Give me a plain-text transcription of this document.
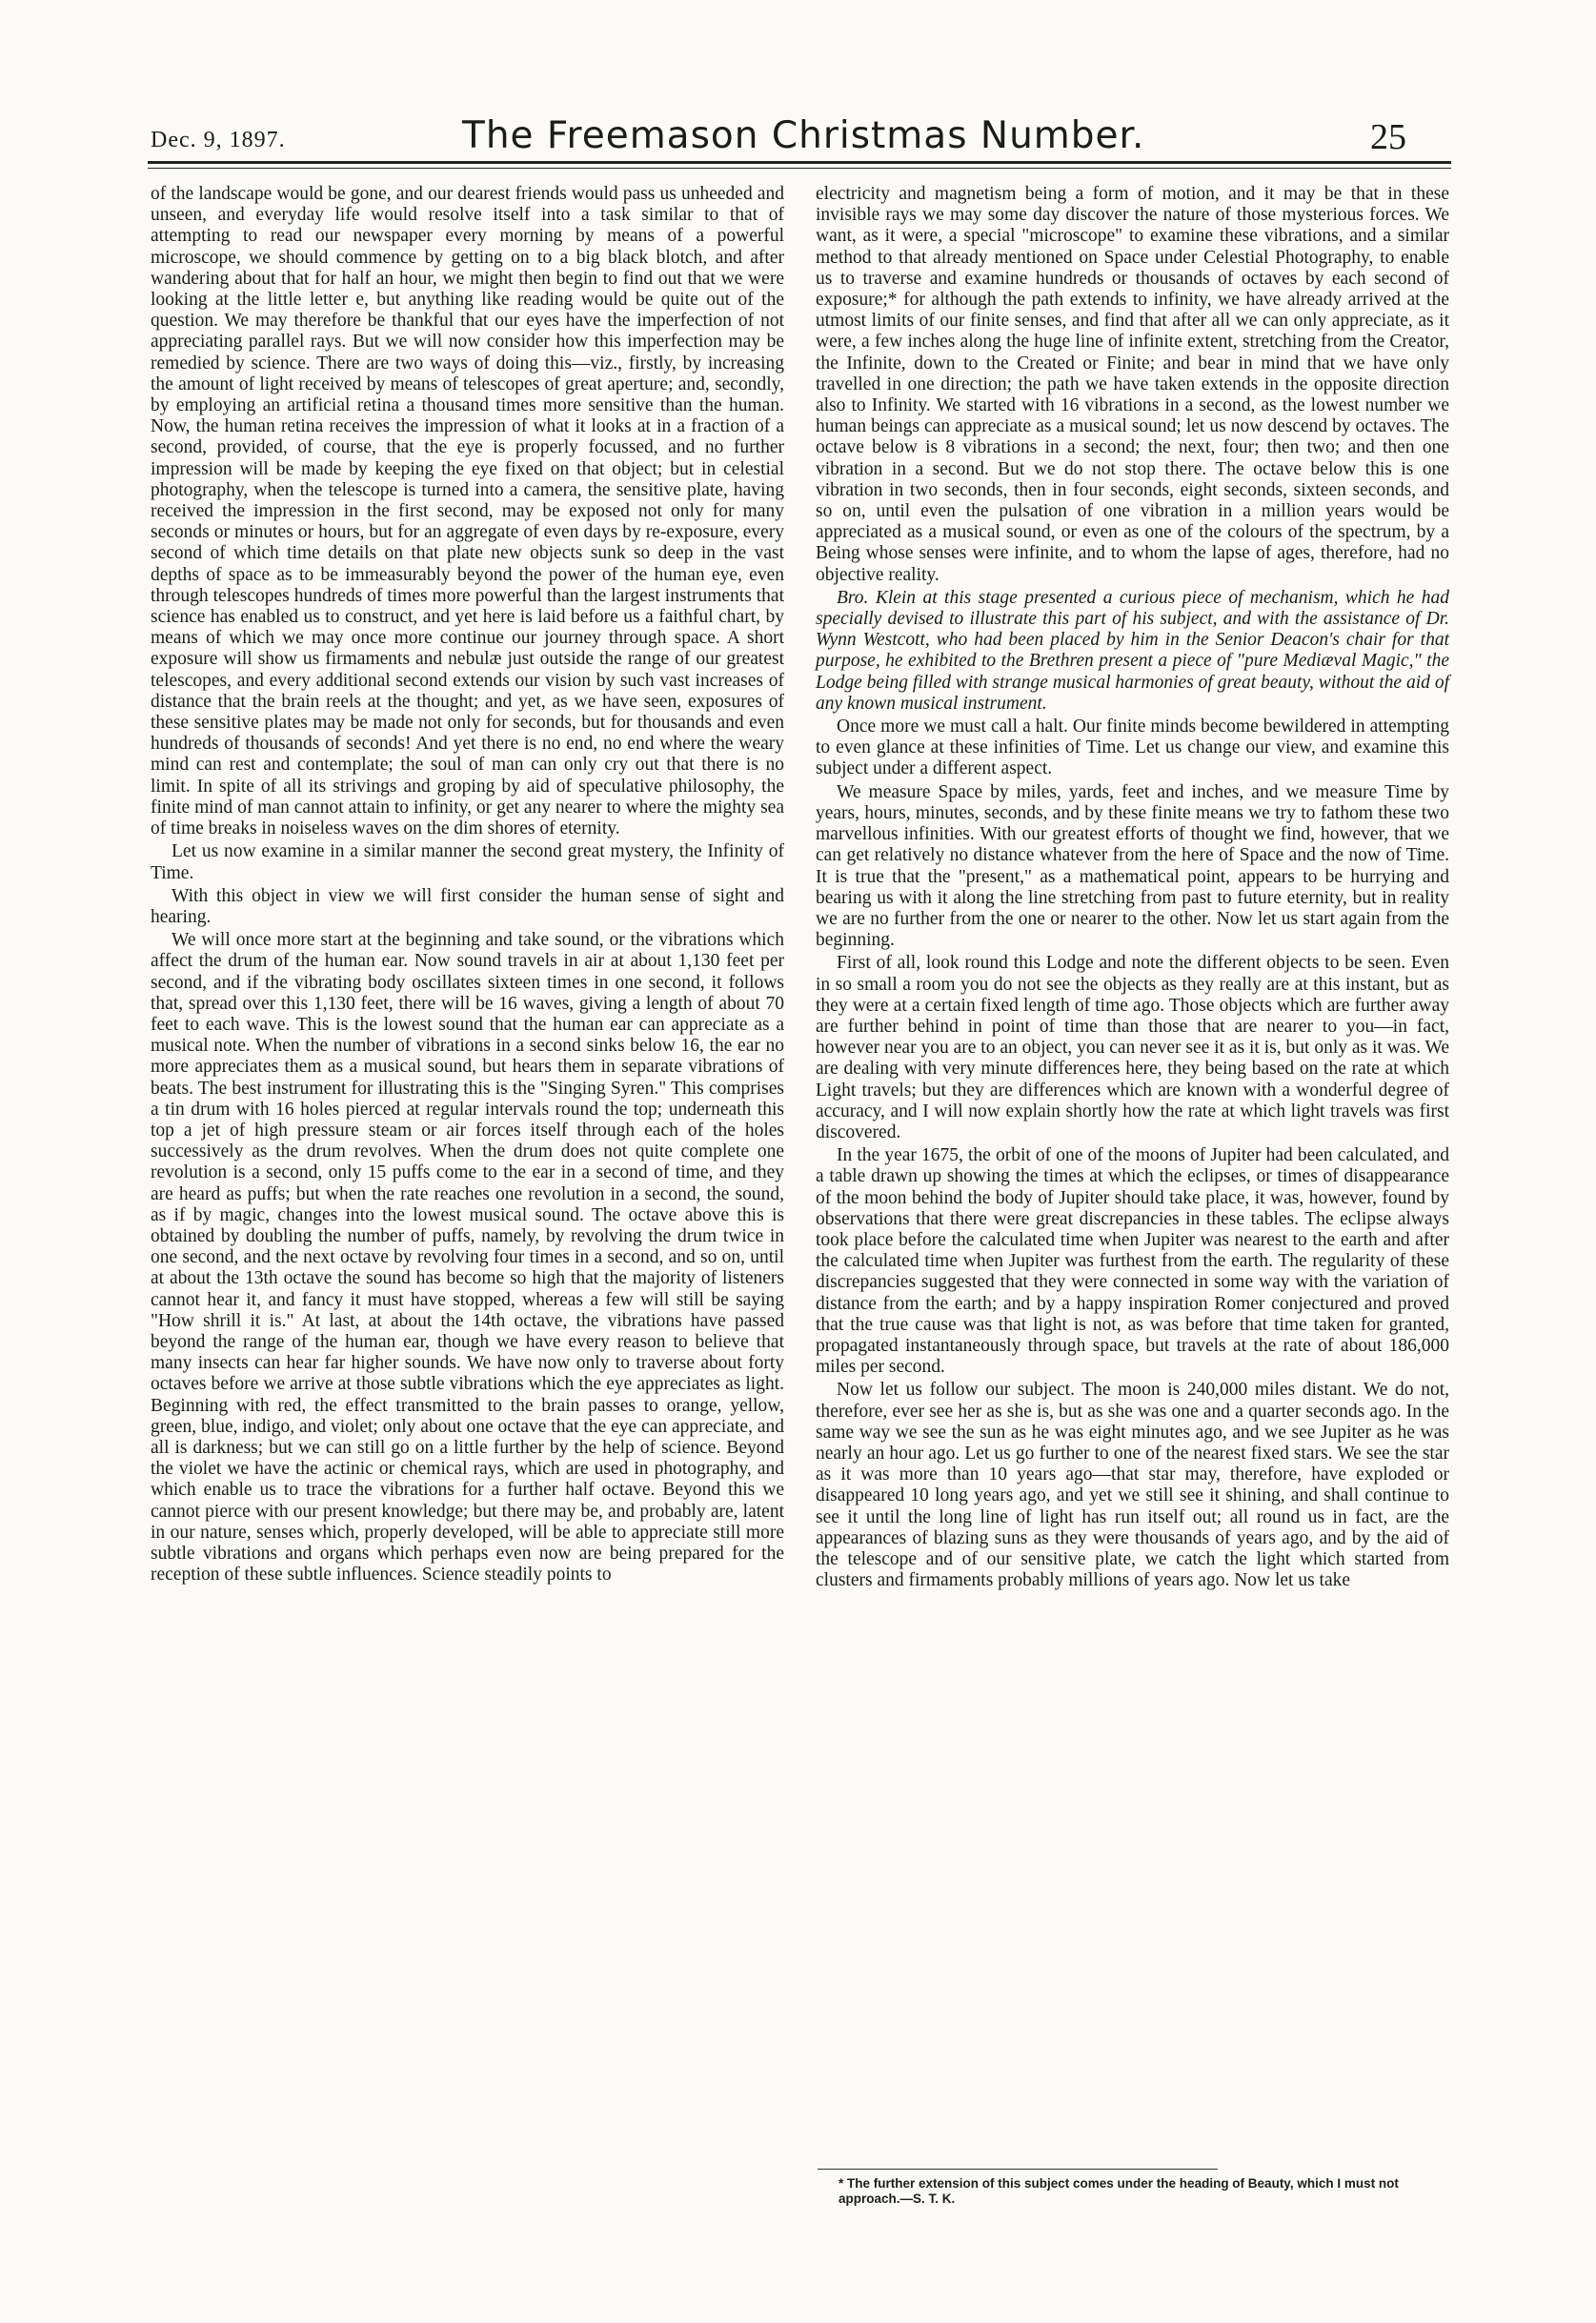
Dec. 9, 1897.	The Freemason Christmas Number.	25

of the landscape would be gone, and our dearest friends would pass us unheeded and unseen, and everyday life would resolve itself into a task similar to that of attempting to read our newspaper every morning by means of a powerful microscope, we should commence by getting on to a big black blotch, and after wandering about that for half an hour, we might then begin to find out that we were looking at the little letter e, but anything like reading would be quite out of the question. We may therefore be thankful that our eyes have the imperfection of not appreciating parallel rays. But we will now consider how this imperfection may be remedied by science. There are two ways of doing this—viz., firstly, by increasing the amount of light received by means of telescopes of great aperture; and, secondly, by employing an artificial retina a thousand times more sensitive than the human. Now, the human retina receives the impression of what it looks at in a fraction of a second, provided, of course, that the eye is properly focussed, and no further impression will be made by keeping the eye fixed on that object; but in celestial photography, when the telescope is turned into a camera, the sensitive plate, having received the impression in the first second, may be exposed not only for many seconds or minutes or hours, but for an aggregate of even days by re-exposure, every second of which time details on that plate new objects sunk so deep in the vast depths of space as to be immeasurably beyond the power of the human eye, even through telescopes hundreds of times more powerful than the largest instruments that science has enabled us to construct, and yet here is laid before us a faithful chart, by means of which we may once more continue our journey through space. A short exposure will show us firmaments and nebulæ just outside the range of our greatest telescopes, and every additional second extends our vision by such vast increases of distance that the brain reels at the thought; and yet, as we have seen, exposures of these sensitive plates may be made not only for seconds, but for thousands and even hundreds of thousands of seconds! And yet there is no end, no end where the weary mind can rest and contemplate; the soul of man can only cry out that there is no limit. In spite of all its strivings and groping by aid of speculative philosophy, the finite mind of man cannot attain to infinity, or get any nearer to where the mighty sea of time breaks in noiseless waves on the dim shores of eternity.

Let us now examine in a similar manner the second great mystery, the Infinity of Time.

With this object in view we will first consider the human sense of sight and hearing.

We will once more start at the beginning and take sound, or the vibrations which affect the drum of the human ear. Now sound travels in air at about 1,130 feet per second, and if the vibrating body oscillates sixteen times in one second, it follows that, spread over this 1,130 feet, there will be 16 waves, giving a length of about 70 feet to each wave. This is the lowest sound that the human ear can appreciate as a musical note. When the number of vibrations in a second sinks below 16, the ear no more appreciates them as a musical sound, but hears them in separate vibrations of beats. The best instrument for illustrating this is the "Singing Syren." This comprises a tin drum with 16 holes pierced at regular intervals round the top; underneath this top a jet of high pressure steam or air forces itself through each of the holes successively as the drum revolves. When the drum does not quite complete one revolution is a second, only 15 puffs come to the ear in a second of time, and they are heard as puffs; but when the rate reaches one revolution in a second, the sound, as if by magic, changes into the lowest musical sound. The octave above this is obtained by doubling the number of puffs, namely, by revolving the drum twice in one second, and the next octave by revolving four times in a second, and so on, until at about the 13th octave the sound has become so high that the majority of listeners cannot hear it, and fancy it must have stopped, whereas a few will still be saying "How shrill it is." At last, at about the 14th octave, the vibrations have passed beyond the range of the human ear, though we have every reason to believe that many insects can hear far higher sounds. We have now only to traverse about forty octaves before we arrive at those subtle vibrations which the eye appreciates as light. Beginning with red, the effect transmitted to the brain passes to orange, yellow, green, blue, indigo, and violet; only about one octave that the eye can appreciate, and all is darkness; but we can still go on a little further by the help of science. Beyond the violet we have the actinic or chemical rays, which are used in photography, and which enable us to trace the vibrations for a further half octave. Beyond this we cannot pierce with our present knowledge; but there may be, and probably are, latent in our nature, senses which, properly developed, will be able to appreciate still more subtle vibrations and organs which perhaps even now are being prepared for the reception of these subtle influences. Science steadily points to

electricity and magnetism being a form of motion, and it may be that in these invisible rays we may some day discover the nature of those mysterious forces. We want, as it were, a special "microscope" to examine these vibrations, and a similar method to that already mentioned on Space under Celestial Photography, to enable us to traverse and examine hundreds or thousands of octaves by each second of exposure;* for although the path extends to infinity, we have already arrived at the utmost limits of our finite senses, and find that after all we can only appreciate, as it were, a few inches along the huge line of infinite extent, stretching from the Creator, the Infinite, down to the Created or Finite; and bear in mind that we have only travelled in one direction; the path we have taken extends in the opposite direction also to Infinity. We started with 16 vibrations in a second, as the lowest number we human beings can appreciate as a musical sound; let us now descend by octaves. The octave below is 8 vibrations in a second; the next, four; then two; and then one vibration in a second. But we do not stop there. The octave below this is one vibration in two seconds, then in four seconds, eight seconds, sixteen seconds, and so on, until even the pulsation of one vibration in a million years would be appreciated as a musical sound, or even as one of the colours of the spectrum, by a Being whose senses were infinite, and to whom the lapse of ages, therefore, had no objective reality.

Bro. Klein at this stage presented a curious piece of mechanism, which he had specially devised to illustrate this part of his subject, and with the assistance of Dr. Wynn Westcott, who had been placed by him in the Senior Deacon's chair for that purpose, he exhibited to the Brethren present a piece of "pure Mediæval Magic," the Lodge being filled with strange musical harmonies of great beauty, without the aid of any known musical instrument.

Once more we must call a halt. Our finite minds become bewildered in attempting to even glance at these infinities of Time. Let us change our view, and examine this subject under a different aspect.

We measure Space by miles, yards, feet and inches, and we measure Time by years, hours, minutes, seconds, and by these finite means we try to fathom these two marvellous infinities. With our greatest efforts of thought we find, however, that we can get relatively no distance whatever from the here of Space and the now of Time. It is true that the "present," as a mathematical point, appears to be hurrying and bearing us with it along the line stretching from past to future eternity, but in reality we are no further from the one or nearer to the other. Now let us start again from the beginning.

First of all, look round this Lodge and note the different objects to be seen. Even in so small a room you do not see the objects as they really are at this instant, but as they were at a certain fixed length of time ago. Those objects which are further away are further behind in point of time than those that are nearer to you—in fact, however near you are to an object, you can never see it as it is, but only as it was. We are dealing with very minute differences here, they being based on the rate at which Light travels; but they are differences which are known with a wonderful degree of accuracy, and I will now explain shortly how the rate at which light travels was first discovered.

In the year 1675, the orbit of one of the moons of Jupiter had been calculated, and a table drawn up showing the times at which the eclipses, or times of disappearance of the moon behind the body of Jupiter should take place, it was, however, found by observations that there were great discrepancies in these tables. The eclipse always took place before the calculated time when Jupiter was nearest to the earth and after the calculated time when Jupiter was furthest from the earth. The regularity of these discrepancies suggested that they were connected in some way with the variation of distance from the earth; and by a happy inspiration Romer conjectured and proved that the true cause was that light is not, as was before that time taken for granted, propagated instantaneously through space, but travels at the rate of about 186,000 miles per second.

Now let us follow our subject. The moon is 240,000 miles distant. We do not, therefore, ever see her as she is, but as she was one and a quarter seconds ago. In the same way we see the sun as he was eight minutes ago, and we see Jupiter as he was nearly an hour ago. Let us go further to one of the nearest fixed stars. We see the star as it was more than 10 years ago—that star may, therefore, have exploded or disappeared 10 long years ago, and yet we still see it shining, and shall continue to see it until the long line of light has run itself out; all round us in fact, are the appearances of blazing suns as they were thousands of years ago, and by the aid of the telescope and of our sensitive plate, we catch the light which started from clusters and firmaments probably millions of years ago. Now let us take

* The further extension of this subject comes under the heading of Beauty, which I must not approach.—S. T. K.
